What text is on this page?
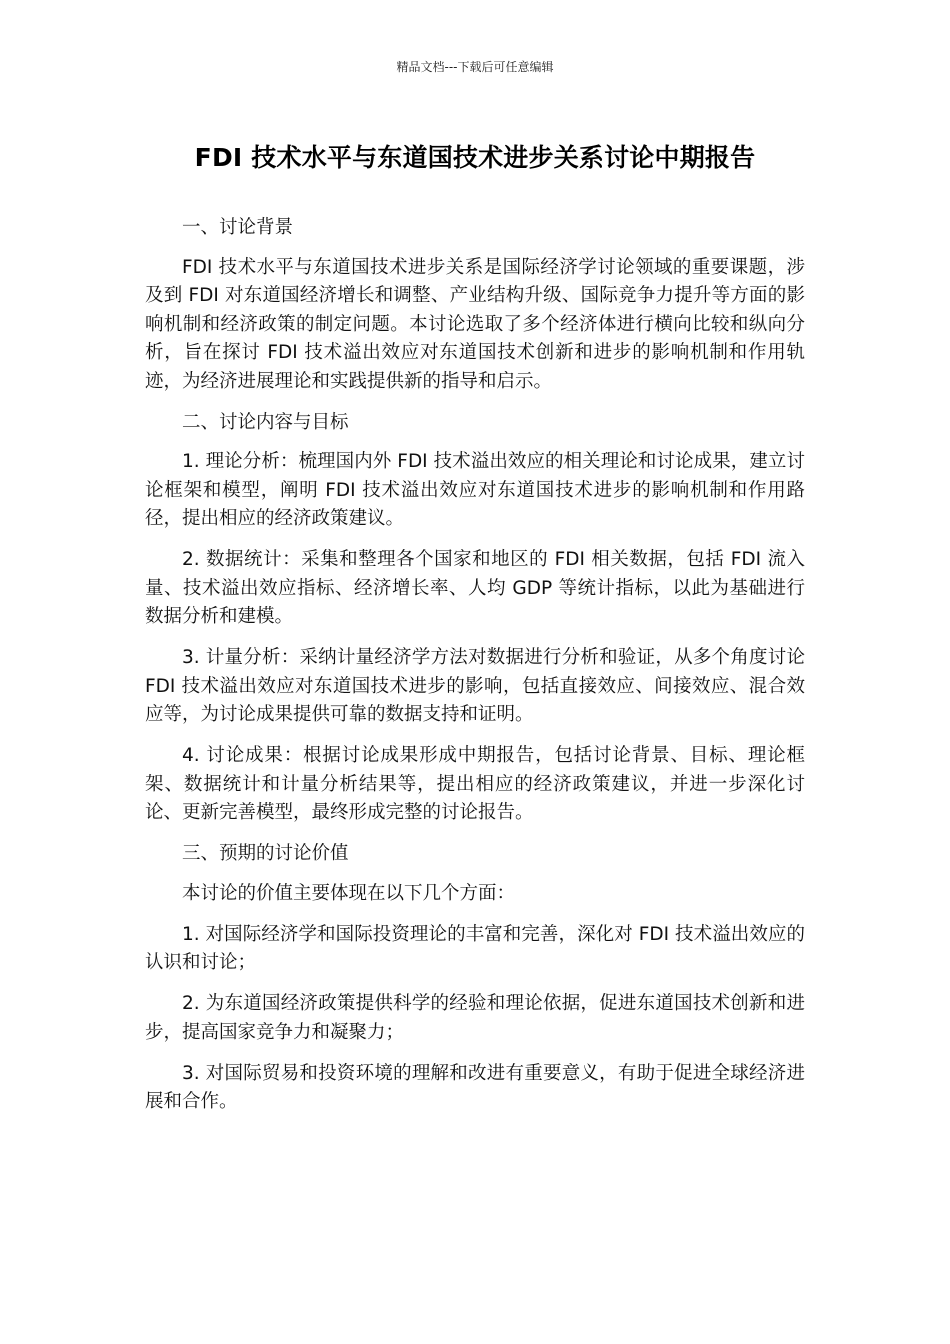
精品文档---下载后可任意编辑
FDI 技术水平与东道国技术进步关系讨论中期报告

一、讨论背景

FDI 技术水平与东道国技术进步关系是国际经济学讨论领域的重要课题，涉及到 FDI 对东道国经济增长和调整、产业结构升级、国际竞争力提升等方面的影响机制和经济政策的制定问题。本讨论选取了多个经济体进行横向比较和纵向分析，旨在探讨 FDI 技术溢出效应对东道国技术创新和进步的影响机制和作用轨迹，为经济进展理论和实践提供新的指导和启示。

二、讨论内容与目标

1. 理论分析：梳理国内外 FDI 技术溢出效应的相关理论和讨论成果，建立讨论框架和模型，阐明 FDI 技术溢出效应对东道国技术进步的影响机制和作用路径，提出相应的经济政策建议。

2. 数据统计：采集和整理各个国家和地区的 FDI 相关数据，包括 FDI 流入量、技术溢出效应指标、经济增长率、人均 GDP 等统计指标，以此为基础进行数据分析和建模。

3. 计量分析：采纳计量经济学方法对数据进行分析和验证，从多个角度讨论 FDI 技术溢出效应对东道国技术进步的影响，包括直接效应、间接效应、混合效应等，为讨论成果提供可靠的数据支持和证明。

4. 讨论成果：根据讨论成果形成中期报告，包括讨论背景、目标、理论框架、数据统计和计量分析结果等，提出相应的经济政策建议，并进一步深化讨论、更新完善模型，最终形成完整的讨论报告。

三、预期的讨论价值

本讨论的价值主要体现在以下几个方面：

1. 对国际经济学和国际投资理论的丰富和完善，深化对 FDI 技术溢出效应的认识和讨论；

2. 为东道国经济政策提供科学的经验和理论依据，促进东道国技术创新和进步，提高国家竞争力和凝聚力；

3. 对国际贸易和投资环境的理解和改进有重要意义，有助于促进全球经济进展和合作。
